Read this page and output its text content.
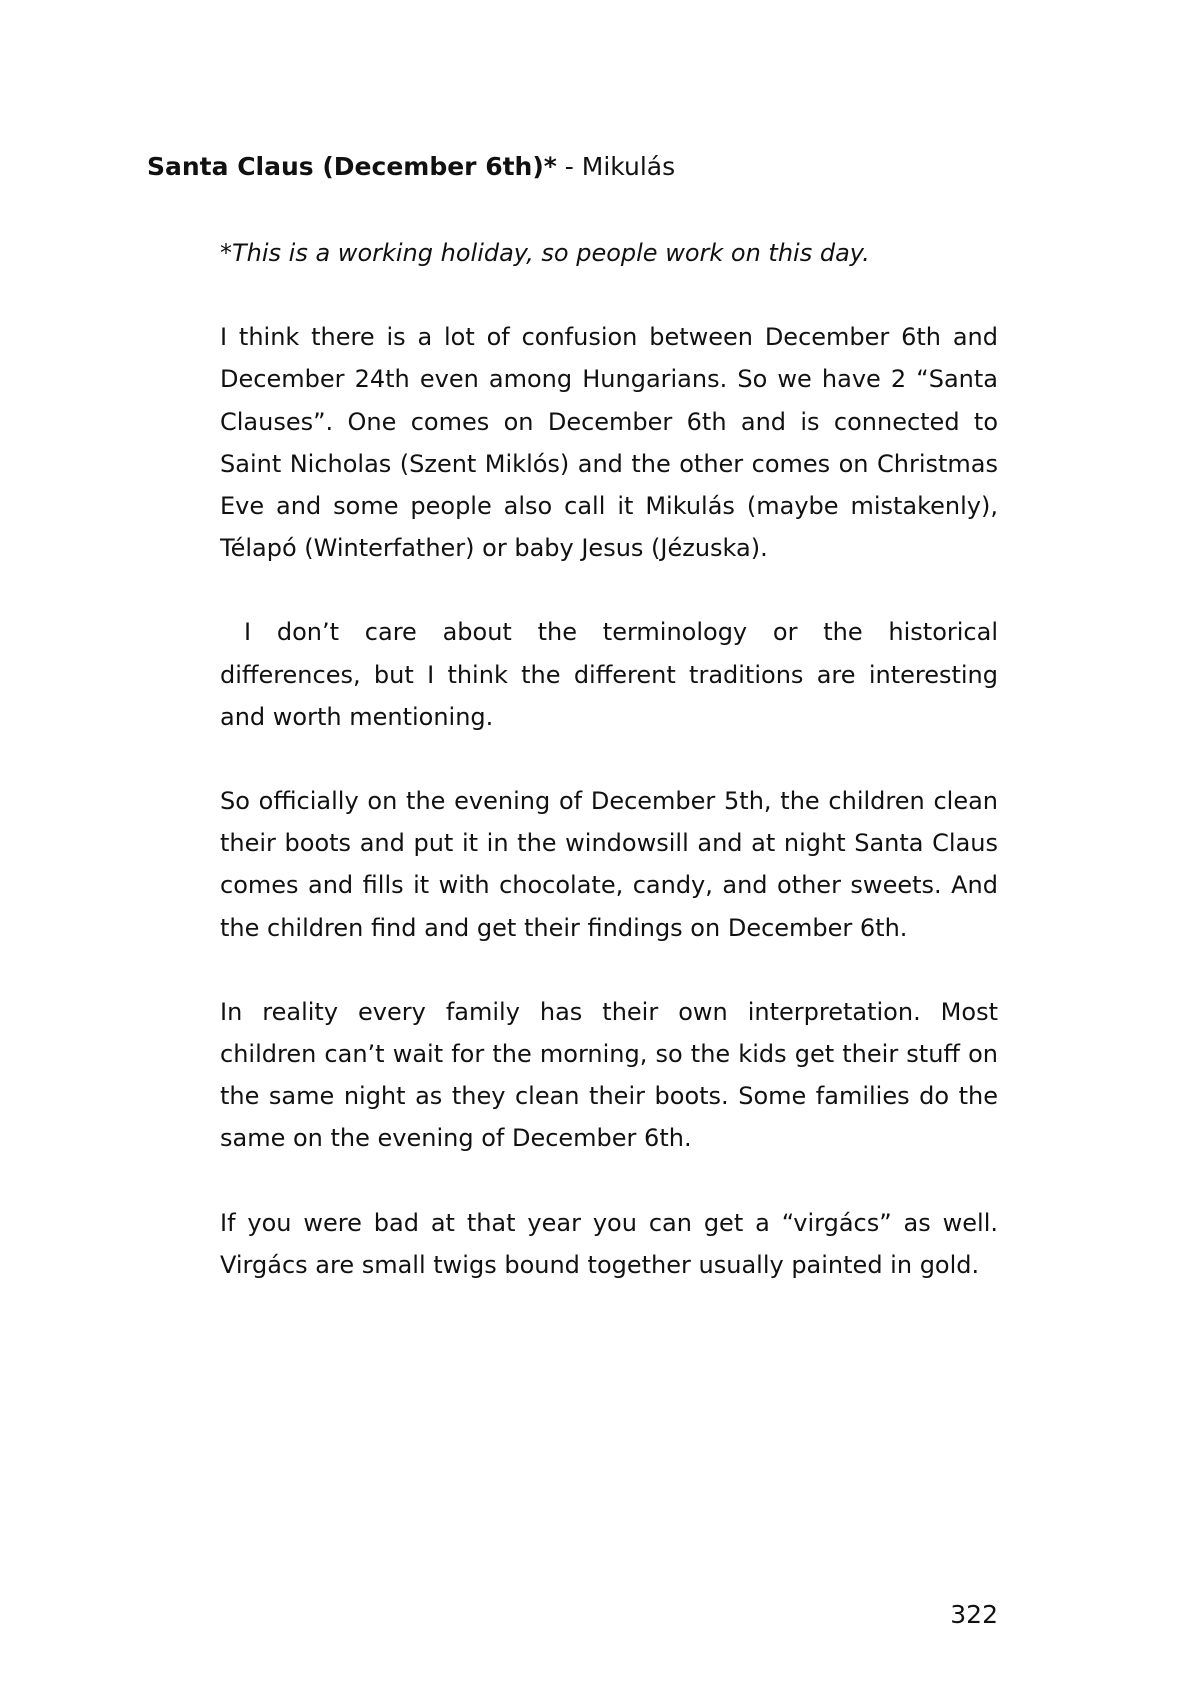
Santa Claus (December 6th)* - Mikulás

*This is a working holiday, so people work on this day.

I think there is a lot of confusion between December 6th and December 24th even among Hungarians. So we have 2 “Santa Clauses”. One comes on December 6th and is connected to Saint Nicholas (Szent Miklós) and the other comes on Christmas Eve and some people also call it Mikulás (maybe mistakenly), Télapó (Winterfather) or baby Jesus (Jézuska).

I don’t care about the terminology or the historical differences, but I think the different traditions are interesting and worth mentioning.

So officially on the evening of December 5th, the children clean their boots and put it in the windowsill and at night Santa Claus comes and fills it with chocolate, candy, and other sweets. And the children find and get their findings on December 6th.

In reality every family has their own interpretation. Most children can’t wait for the morning, so the kids get their stuff on the same night as they clean their boots. Some families do the same on the evening of December 6th.

If you were bad at that year you can get a “virgács” as well. Virgács are small twigs bound together usually painted in gold.

322
